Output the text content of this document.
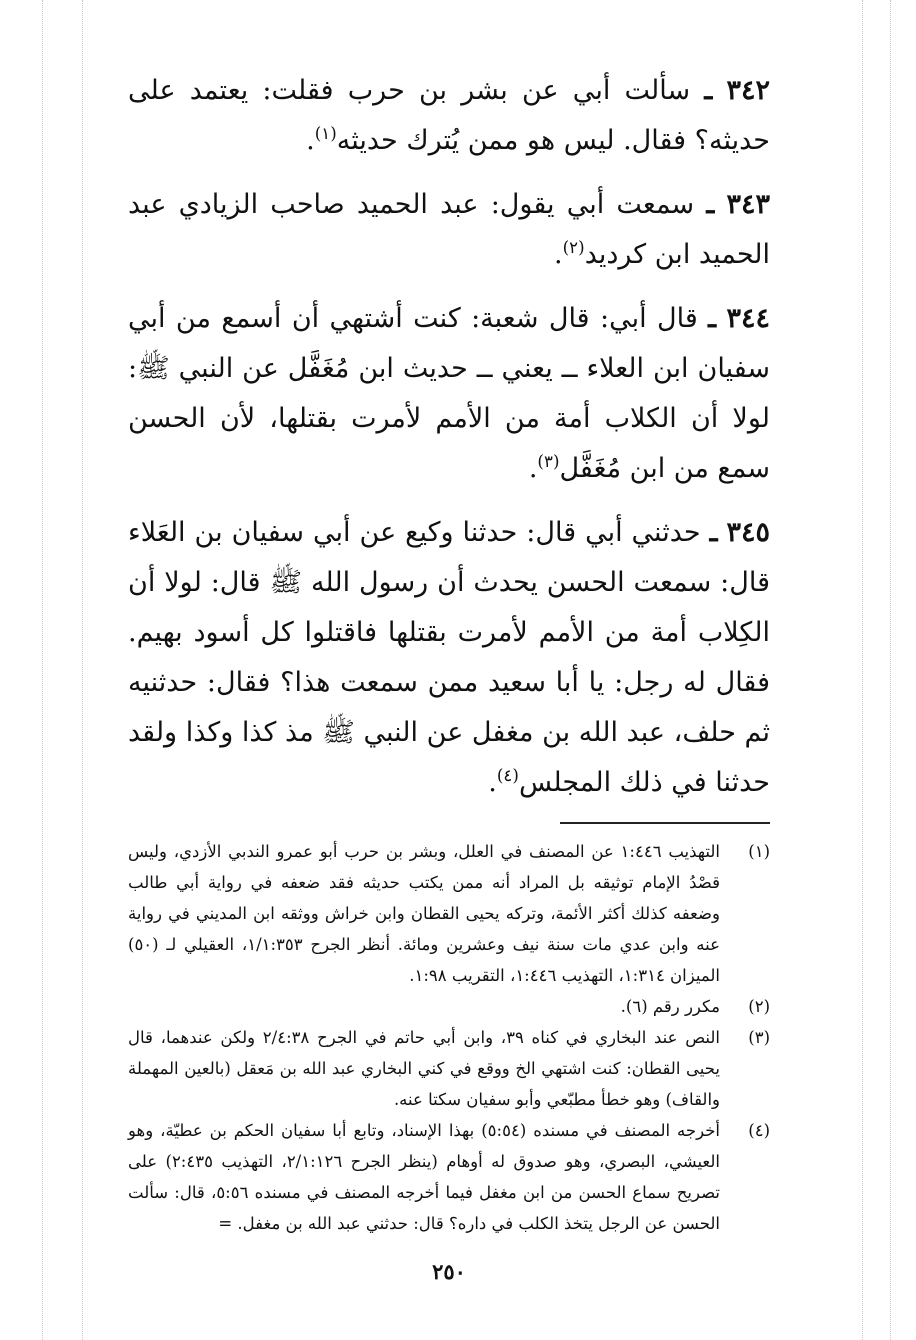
٣٤٢ ـ سألت أبي عن بشر بن حرب فقلت: يعتمد على حديثه؟ فقال. ليس هو ممن يُترك حديثه$^{(١)}$.

٣٤٣ ـ سمعت أبي يقول: عبد الحميد صاحب الزيادي عبد الحميد ابن كرديد$^{(٢)}$.

٣٤٤ ـ قال أبي: قال شعبة: كنت أشتهي أن أسمع من أبي سفيان ابن العلاء ــ يعني ــ حديث ابن مُغَفَّل عن النبي ﷺ: لولا أن الكلاب أمة من الأمم لأمرت بقتلها، لأن الحسن سمع من ابن مُغَفَّل$^{(٣)}$.

٣٤٥ ـ حدثني أبي قال: حدثنا وكيع عن أبي سفيان بن العَلاء قال: سمعت الحسن يحدث أن رسول الله ﷺ قال: لولا أن الكِلاب أمة من الأمم لأمرت بقتلها فاقتلوا كل أسود بهيم. فقال له رجل: يا أبا سعيد ممن سمعت هذا؟ فقال: حدثنيه ثم حلف، عبد الله بن مغفل عن النبي ﷺ مذ كذا وكذا ولقد حدثنا في ذلك المجلس$^{(٤)}$.

(١)
التهذيب ١:٤٤٦ عن المصنف في العلل، وبشر بن حرب أبو عمرو الندبي الأزدي، وليس قصْدُ الإمام توثيقه بل المراد أنه ممن يكتب حديثه فقد ضعفه في رواية أبي طالب وضعفه كذلك أكثر الأئمة، وتركه يحيى القطان وابن خراش ووثقه ابن المديني في رواية عنه وابن عدي مات سنة نيف وعشرين ومائة. أنظر الجرح ١/١:٣٥٣، العقيلي لـ (٥٠) الميزان ١:٣١٤، التهذيب ١:٤٤٦، التقريب ١:٩٨.

(٢)
مكرر رقم (٦).

(٣)
النص عند البخاري في كناه ٣٩، وابن أبي حاتم في الجرح ٢/٤:٣٨ ولكن عندهما، قال يحيى القطان: كنت اشتهي الخ ووقع في كني البخاري عبد الله بن مَعقل (بالعين المهملة والقاف) وهو خطأ مطبّعي وأبو سفيان سكتا عنه.

(٤)
أخرجه المصنف في مسنده (٥:٥٤) بهذا الإسناد، وتابع أبا سفيان الحكم بن عطيّة، وهو العيشي، البصري، وهو صدوق له أوهام (ينظر الجرح ٢/١:١٢٦، التهذيب ٢:٤٣٥) على تصريح سماع الحسن من ابن مغفل فيما أخرجه المصنف في مسنده ٥:٥٦، قال: سألت الحسن عن الرجل يتخذ الكلب في داره؟ قال: حدثني عبد الله بن مغفل. =

٢٥٠
